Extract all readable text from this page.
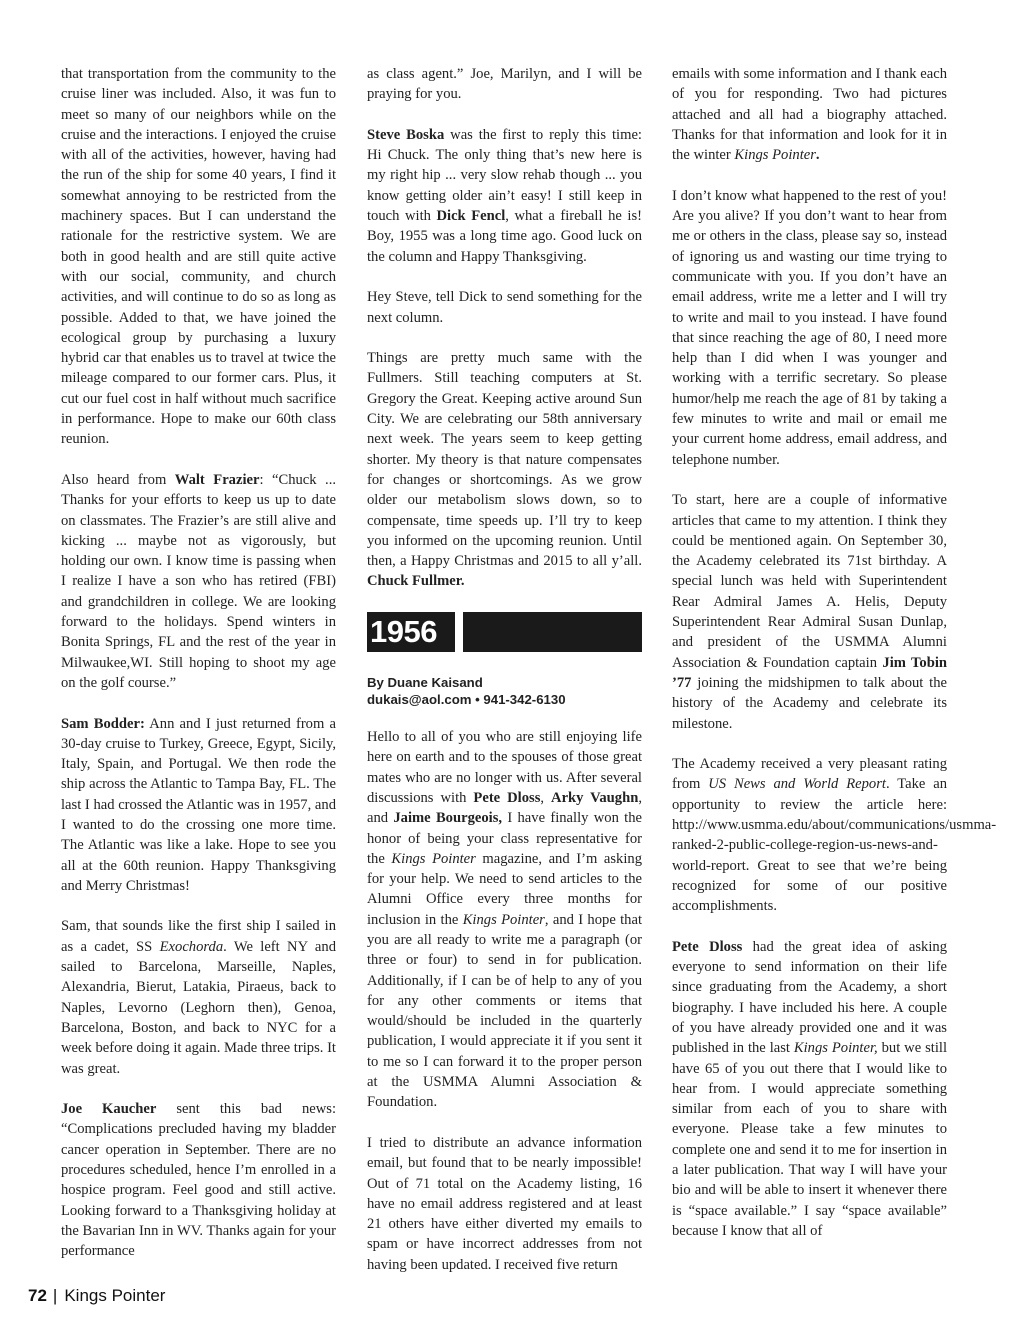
that transportation from the community to the cruise liner was included. Also, it was fun to meet so many of our neighbors while on the cruise and the interactions. I enjoyed the cruise with all of the activities, however, having had the run of the ship for some 40 years, I find it somewhat annoying to be restricted from the machinery spaces. But I can understand the rationale for the restrictive system. We are both in good health and are still quite active with our social, community, and church activities, and will continue to do so as long as possible. Added to that, we have joined the ecological group by purchasing a luxury hybrid car that enables us to travel at twice the mileage compared to our former cars. Plus, it cut our fuel cost in half without much sacrifice in performance. Hope to make our 60th class reunion.

Also heard from Walt Frazier: “Chuck ... Thanks for your efforts to keep us up to date on classmates. The Frazier’s are still alive and kicking ... maybe not as vigorously, but holding our own. I know time is passing when I realize I have a son who has retired (FBI) and grandchildren in college. We are looking forward to the holidays. Spend winters in Bonita Springs, FL and the rest of the year in Milwaukee,WI. Still hoping to shoot my age on the golf course.”

Sam Bodder: Ann and I just returned from a 30-day cruise to Turkey, Greece, Egypt, Sicily, Italy, Spain, and Portugal. We then rode the ship across the Atlantic to Tampa Bay, FL. The last I had crossed the Atlantic was in 1957, and I wanted to do the crossing one more time. The Atlantic was like a lake. Hope to see you all at the 60th reunion. Happy Thanksgiving and Merry Christmas!

Sam, that sounds like the first ship I sailed in as a cadet, SS Exochorda. We left NY and sailed to Barcelona, Marseille, Naples, Alexandria, Bierut, Latakia, Piraeus, back to Naples, Levorno (Leghorn then), Genoa, Barcelona, Boston, and back to NYC for a week before doing it again. Made three trips. It was great.

Joe Kaucher sent this bad news: “Complications precluded having my bladder cancer operation in September. There are no procedures scheduled, hence I’m enrolled in a hospice program. Feel good and still active. Looking forward to a Thanksgiving holiday at the Bavarian Inn in WV. Thanks again for your performance

as class agent.” Joe, Marilyn, and I will be praying for you.

Steve Boska was the first to reply this time: Hi Chuck. The only thing that’s new here is my right hip ... very slow rehab though ... you know getting older ain’t easy! I still keep in touch with Dick Fencl, what a fireball he is! Boy, 1955 was a long time ago. Good luck on the column and Happy Thanksgiving.

Hey Steve, tell Dick to send something for the next column.

Things are pretty much same with the Fullmers. Still teaching computers at St. Gregory the Great. Keeping active around Sun City. We are celebrating our 58th anniversary next week. The years seem to keep getting shorter. My theory is that nature compensates for changes or shortcomings. As we grow older our metabolism slows down, so to compensate, time speeds up. I’ll try to keep you informed on the upcoming reunion. Until then, a Happy Christmas and 2015 to all y’all. Chuck Fullmer.

1956
By Duane Kaisand
dukais@aol.com • 941-342-6130

Hello to all of you who are still enjoying life here on earth and to the spouses of those great mates who are no longer with us. After several discussions with Pete Dloss, Arky Vaughn, and Jaime Bourgeois, I have finally won the honor of being your class representative for the Kings Pointer magazine, and I’m asking for your help. We need to send articles to the Alumni Office every three months for inclusion in the Kings Pointer, and I hope that you are all ready to write me a paragraph (or three or four) to send in for publication. Additionally, if I can be of help to any of you for any other comments or items that would/should be included in the quarterly publication, I would appreciate it if you sent it to me so I can forward it to the proper person at the USMMA Alumni Association & Foundation.

I tried to distribute an advance information email, but found that to be nearly impossible! Out of 71 total on the Academy listing, 16 have no email address registered and at least 21 others have either diverted my emails to spam or have incorrect addresses from not having been updated. I received five return

emails with some information and I thank each of you for responding. Two had pictures attached and all had a biography attached. Thanks for that information and look for it in the winter Kings Pointer.

I don’t know what happened to the rest of you! Are you alive? If you don’t want to hear from me or others in the class, please say so, instead of ignoring us and wasting our time trying to communicate with you. If you don’t have an email address, write me a letter and I will try to write and mail to you instead. I have found that since reaching the age of 80, I need more help than I did when I was younger and working with a terrific secretary. So please humor/help me reach the age of 81 by taking a few minutes to write and mail or email me your current home address, email address, and telephone number.

To start, here are a couple of informative articles that came to my attention. I think they could be mentioned again. On September 30, the Academy celebrated its 71st birthday. A special lunch was held with Superintendent Rear Admiral James A. Helis, Deputy Superintendent Rear Admiral Susan Dunlap, and president of the USMMA Alumni Association & Foundation captain Jim Tobin ’77 joining the midshipmen to talk about the history of the Academy and celebrate its milestone.

The Academy received a very pleasant rating from US News and World Report. Take an opportunity to review the article here: http://www.usmma.edu/about/communications/usmma-ranked-2-public-college-region-us-news-and-world-report. Great to see that we’re being recognized for some of our positive accomplishments.

Pete Dloss had the great idea of asking everyone to send information on their life since graduating from the Academy, a short biography. I have included his here. A couple of you have already provided one and it was published in the last Kings Pointer, but we still have 65 of you out there that I would like to hear from. I would appreciate something similar from each of you to share with everyone. Please take a few minutes to complete one and send it to me for insertion in a later publication. That way I will have your bio and will be able to insert it whenever there is “space available.” I say “space available” because I know that all of

72 | Kings Pointer
